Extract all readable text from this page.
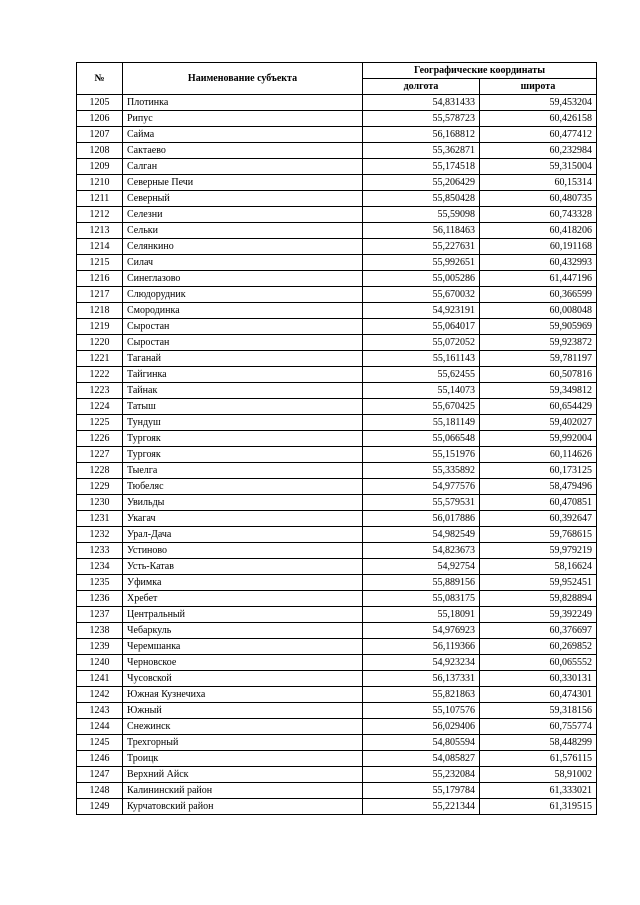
№	Наименование субъекта	Географические координаты	
		долгота	широта
1205	Плотинка	54,831433	59,453204
1206	Рипус	55,578723	60,426158
1207	Сайма	56,168812	60,477412
1208	Сактаево	55,362871	60,232984
1209	Салган	55,174518	59,315004
1210	Северные Печи	55,206429	60,15314
1211	Северный	55,850428	60,480735
1212	Селезни	55,59098	60,743328
1213	Сельки	56,118463	60,418206
1214	Селянкино	55,227631	60,191168
1215	Силач	55,992651	60,432993
1216	Синеглазово	55,005286	61,447196
1217	Слюдорудник	55,670032	60,366599
1218	Смородинка	54,923191	60,008048
1219	Сыростан	55,064017	59,905969
1220	Сыростан	55,072052	59,923872
1221	Таганай	55,161143	59,781197
1222	Тайгинка	55,62455	60,507816
1223	Тайнак	55,14073	59,349812
1224	Татыш	55,670425	60,654429
1225	Тундуш	55,181149	59,402027
1226	Тургояк	55,066548	59,992004
1227	Тургояк	55,151976	60,114626
1228	Тыелга	55,335892	60,173125
1229	Тюбеляс	54,977576	58,479496
1230	Увильды	55,579531	60,470851
1231	Укагач	56,017886	60,392647
1232	Урал-Дача	54,982549	59,768615
1233	Устиново	54,823673	59,979219
1234	Усть-Катав	54,92754	58,16624
1235	Уфимка	55,889156	59,952451
1236	Хребет	55,083175	59,828894
1237	Центральный	55,18091	59,392249
1238	Чебаркуль	54,976923	60,376697
1239	Черемшанка	56,119366	60,269852
1240	Черновское	54,923234	60,065552
1241	Чусовской	56,137331	60,330131
1242	Южная Кузнечиха	55,821863	60,474301
1243	Южный	55,107576	59,318156
1244	Снежинск	56,029406	60,755774
1245	Трехгорный	54,805594	58,448299
1246	Троицк	54,085827	61,576115
1247	Верхний Айск	55,232084	58,91002
1248	Калининский район	55,179784	61,333021
1249	Курчатовский район	55,221344	61,319515
